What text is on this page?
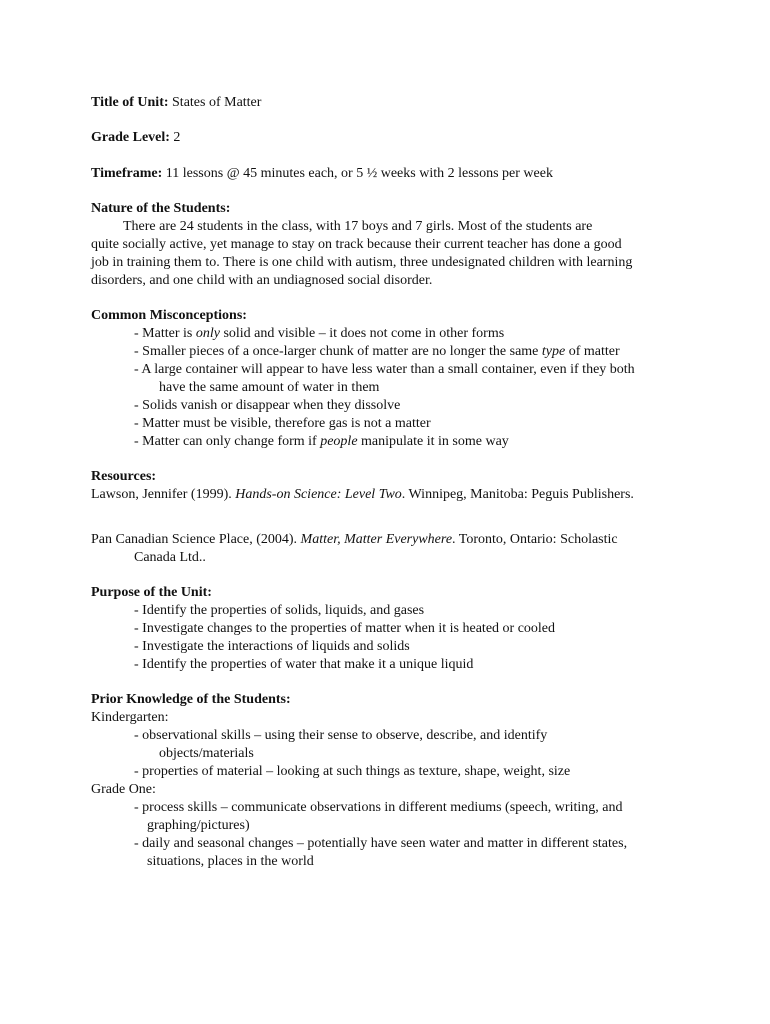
Title of Unit: States of Matter
Grade Level: 2
Timeframe: 11 lessons @ 45 minutes each, or 5 ½ weeks with 2 lessons per week
Nature of the Students:
There are 24 students in the class, with 17 boys and 7 girls. Most of the students are
quite socially active, yet manage to stay on track because their current teacher has done a good
job in training them to. There is one child with autism, three undesignated children with learning
disorders, and one child with an undiagnosed social disorder.
Common Misconceptions:
- Matter is only solid and visible – it does not come in other forms
- Smaller pieces of a once-larger chunk of matter are no longer the same type of matter
- A large container will appear to have less water than a small container, even if they both
have the same amount of water in them
- Solids vanish or disappear when they dissolve
- Matter must be visible, therefore gas is not a matter
- Matter can only change form if people manipulate it in some way
Resources:
Lawson, Jennifer (1999). Hands-on Science: Level Two. Winnipeg, Manitoba: Peguis Publishers.
Pan Canadian Science Place, (2004). Matter, Matter Everywhere. Toronto, Ontario: Scholastic
Canada Ltd..
Purpose of the Unit:
- Identify the properties of solids, liquids, and gases
- Investigate changes to the properties of matter when it is heated or cooled
- Investigate the interactions of liquids and solids
- Identify the properties of water that make it a unique liquid
Prior Knowledge of the Students:
Kindergarten:
- observational skills – using their sense to observe, describe, and identify
objects/materials
- properties of material – looking at such things as texture, shape, weight, size
Grade One:
- process skills – communicate observations in different mediums (speech, writing, and
graphing/pictures)
- daily and seasonal changes – potentially have seen water and matter in different states,
situations, places in the world
